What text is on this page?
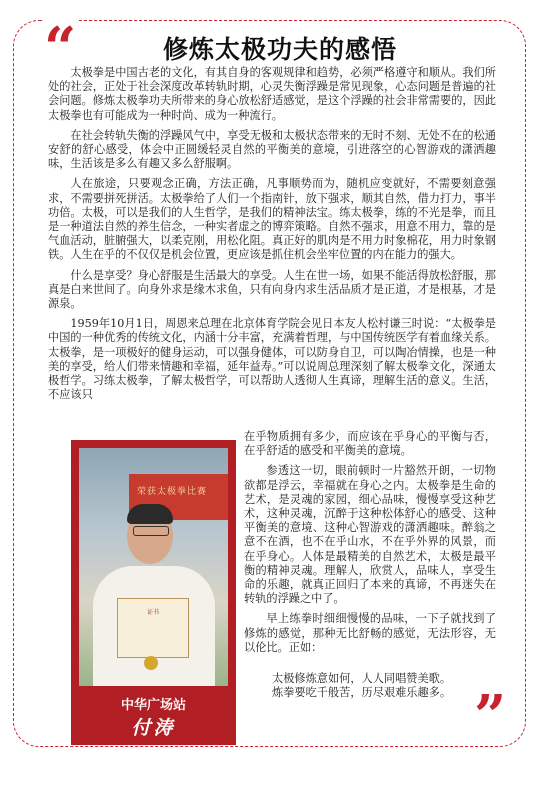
“
”
修炼太极功夫的感悟

太极拳是中国古老的文化，有其自身的客观规律和趋势，必须严格遵守和顺从。我们所处的社会，正处于社会深度改革转轨时期，心灵失衡浮躁是常见现象，心态问题是普遍的社会问题。修炼太极拳功夫所带来的身心放松舒适感觉，是这个浮躁的社会非常需要的，因此太极拳也有可能成为一种时尚、成为一种流行。

在社会转轨失衡的浮躁风气中，享受无极和太极状态带来的无时不刻、无处不在的松通安舒的舒心感受，体会中正圆缓轻灵自然的平衡美的意境，引进落空的心智游戏的潇洒趣味，生活该是多么有趣又多么舒服啊。

人在旅途，只要观念正确，方法正确，凡事顺势而为，随机应变就好，不需要刻意强求，不需要拼死拼活。太极拳给了人们一个指南针，放下强求，顺其自然，借力打力，事半功倍。太极，可以是我们的人生哲学，是我们的精神法宝。练太极拳，练的不光是拳，而且是一种道法自然的养生信念，一种实者虚之的博弈策略。自然不强求，用意不用力，靠的是气血活动，脏腑强大，以柔克刚，用松化阻。真正好的肌肉是不用力时象棉花，用力时象钢铁。人生在乎的不仅仅是机会位置，更应该是抓住机会坐牢位置的内在能力的强大。

什么是享受？身心舒服是生活最大的享受。人生在世一场，如果不能活得放松舒服，那真是白来世间了。向身外求是缘木求鱼，只有向身内求生活品质才是正道，才是根基，才是源泉。

1959年10月1日，周恩来总理在北京体育学院会见日本友人松村谦三时说：“太极拳是中国的一种优秀的传统文化，内涵十分丰富，充满着哲理，与中国传统医学有着血缘关系。太极拳，是一项极好的健身运动，可以强身健体，可以防身自卫，可以陶冶情操，也是一种美的享受，给人们带来情趣和幸福，延年益寿。”可以说周总理深刻了解太极拳文化，深通太极哲学。习练太极拳，了解太极哲学，可以帮助人透彻人生真谛，理解生活的意义。生活，不应该只

荣获太极拳比赛
证书
中华广场站
付涛

在乎物质拥有多少，而应该在乎身心的平衡与否，在乎舒适的感受和平衡美的意境。

参透这一切，眼前顿时一片豁然开朗，一切物欲都是浮云，幸福就在身心之内。太极拳是生命的艺术，是灵魂的家园，细心品味，慢慢享受这种艺术，这种灵魂，沉醉于这种松体舒心的感受、这种平衡美的意境、这种心智游戏的潇洒趣味。醉翁之意不在酒，也不在乎山水，不在乎外界的风景，而在乎身心。人体是最精美的自然艺术，太极是最平衡的精神灵魂。理解人，欣赏人，品味人，享受生命的乐趣，就真正回归了本来的真谛，不再迷失在转轨的浮躁之中了。

早上练拳时细细慢慢的品味，一下子就找到了修炼的感觉，那种无比舒畅的感觉，无法形容，无以伦比。正如：

太极修炼意如何，人人同唱赞美歌。
炼拳要吃千般苦，历尽艰难乐趣多。
